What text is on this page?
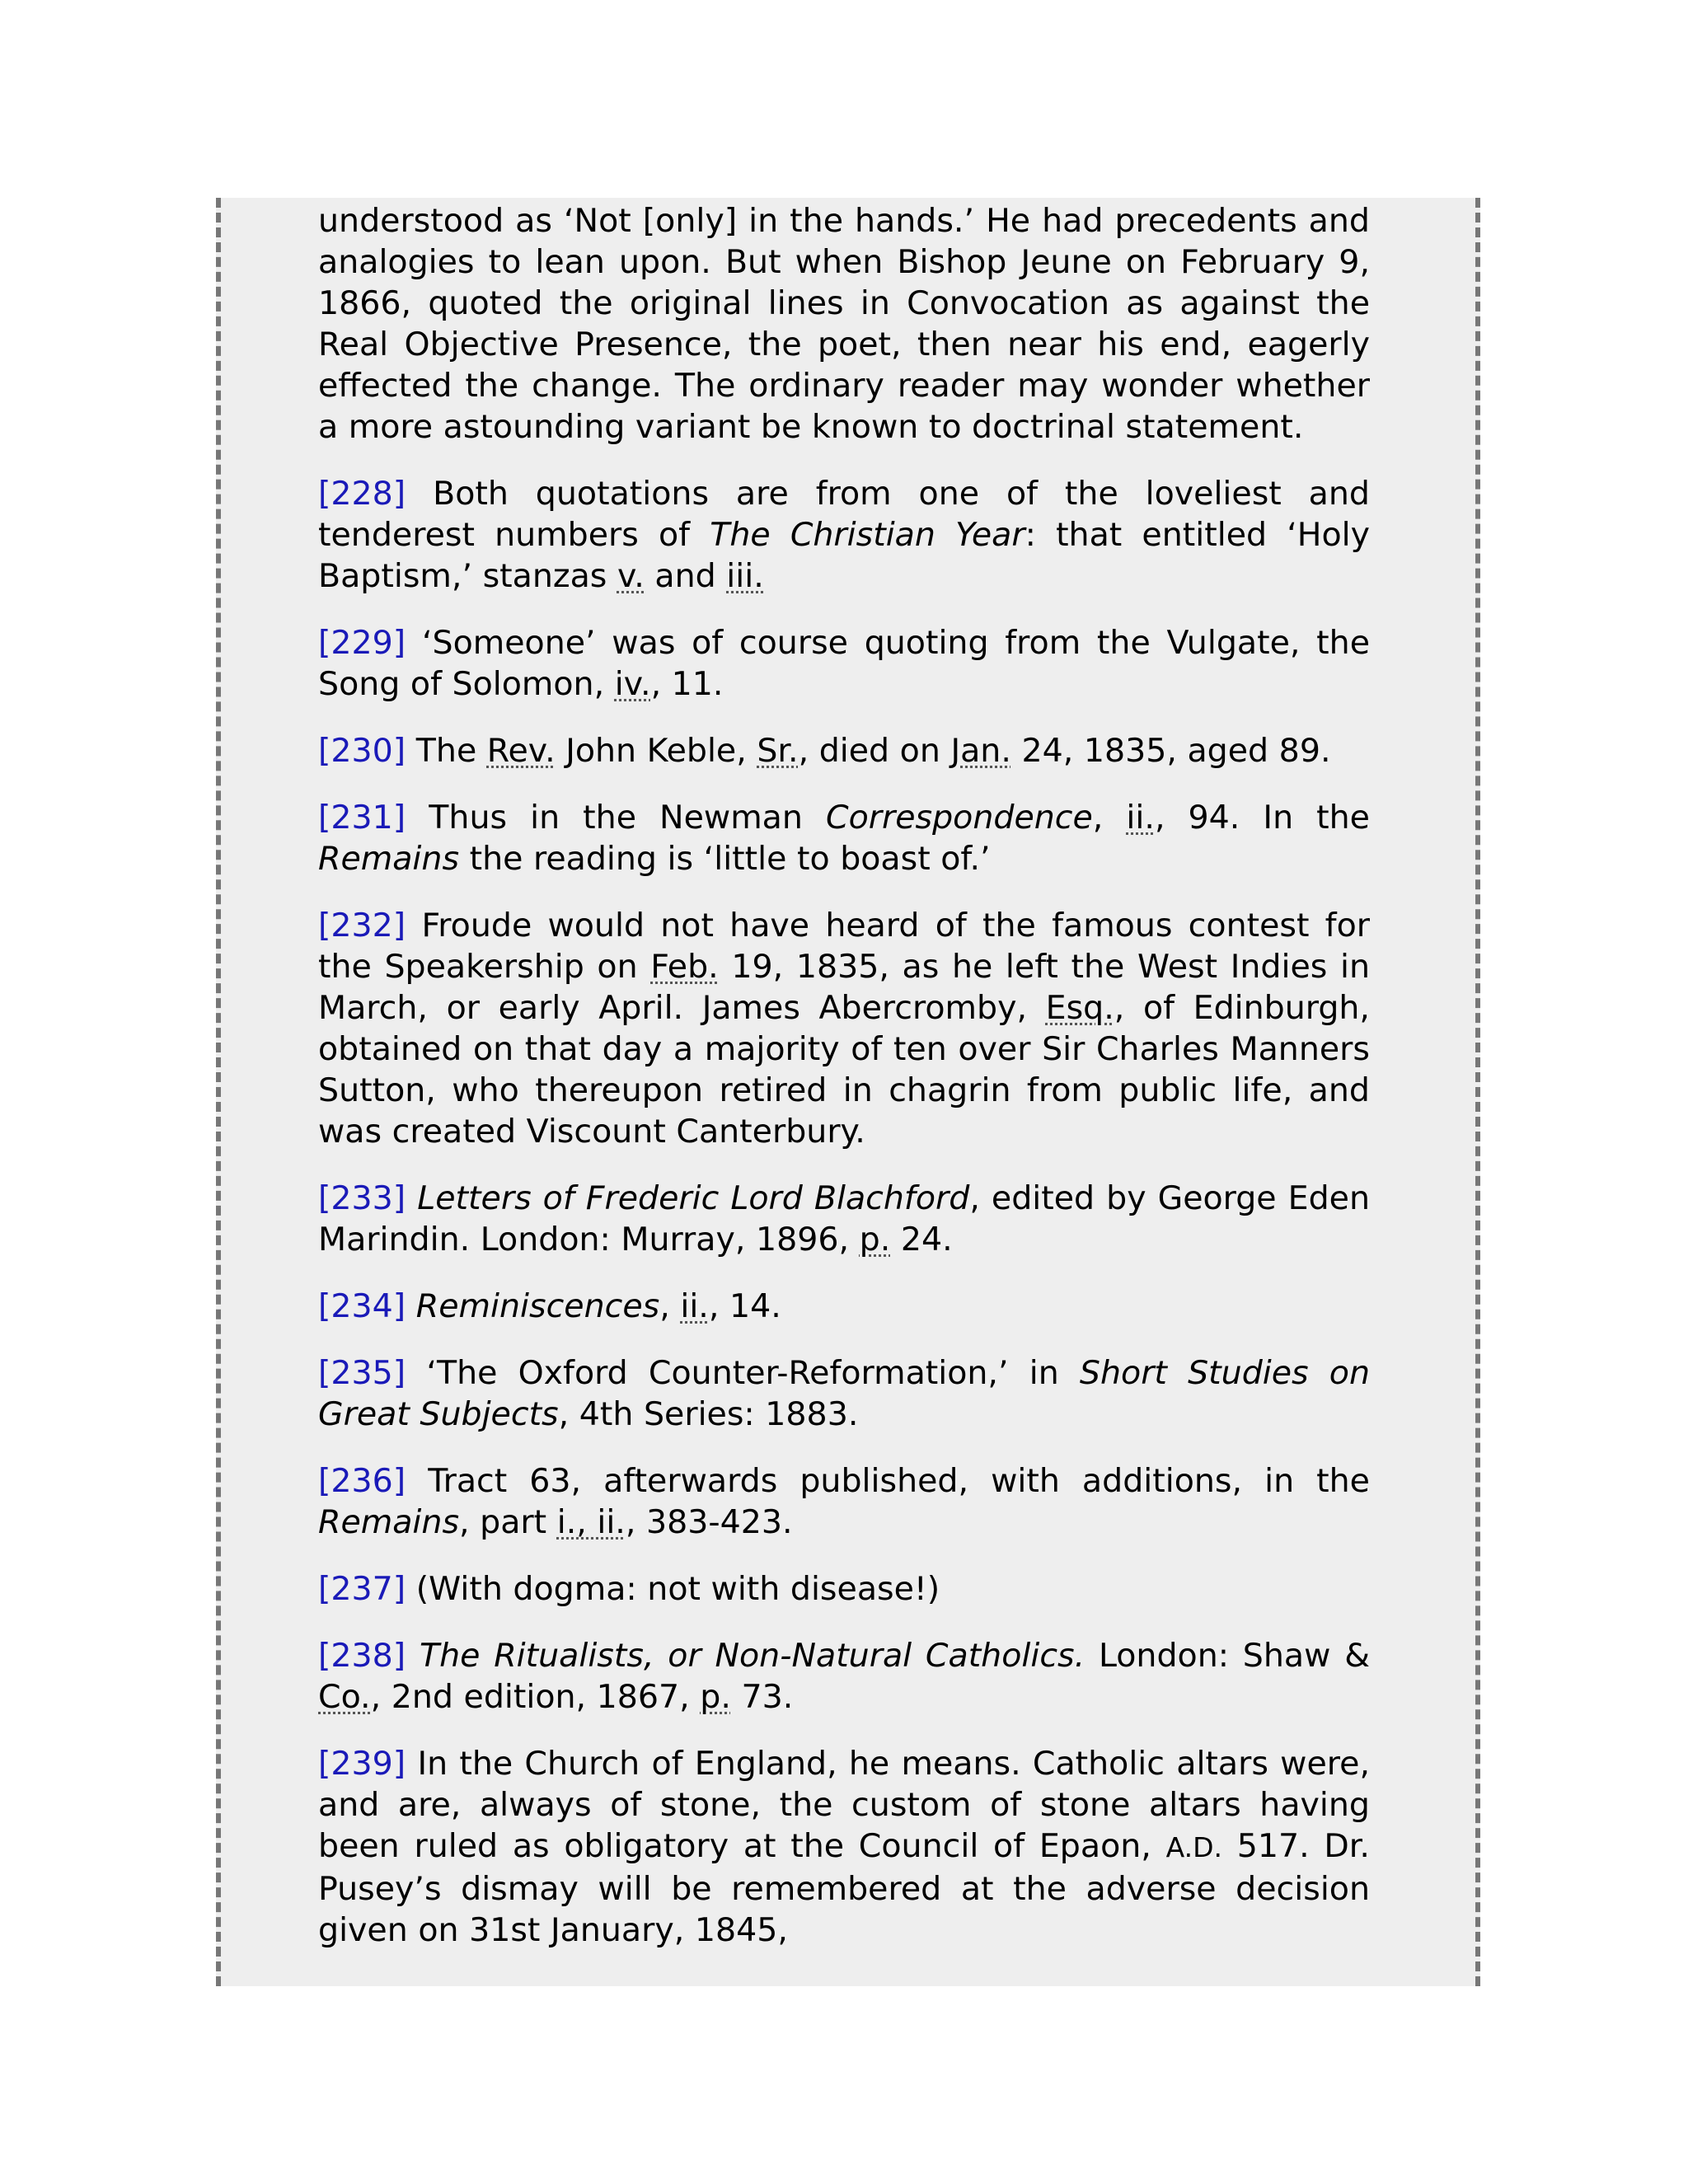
understood as ‘Not [only] in the hands.’ He had precedents and analogies to lean upon. But when Bishop Jeune on February 9, 1866, quoted the original lines in Convocation as against the Real Objective Presence, the poet, then near his end, eagerly effected the change. The ordinary reader may wonder whether a more astounding variant be known to doctrinal statement.

[228] Both quotations are from one of the loveliest and tenderest numbers of The Christian Year: that entitled ‘Holy Baptism,’ stanzas v. and iii.

[229] ‘Someone’ was of course quoting from the Vulgate, the Song of Solomon, iv., 11.

[230] The Rev. John Keble, Sr., died on Jan. 24, 1835, aged 89.

[231] Thus in the Newman Correspondence, ii., 94. In the Remains the reading is ‘little to boast of.’

[232] Froude would not have heard of the famous contest for the Speakership on Feb. 19, 1835, as he left the West Indies in March, or early April. James Abercromby, Esq., of Edinburgh, obtained on that day a majority of ten over Sir Charles Manners Sutton, who thereupon retired in chagrin from public life, and was created Viscount Canterbury.

[233] Letters of Frederic Lord Blachford, edited by George Eden Marindin. London: Murray, 1896, p. 24.

[234] Reminiscences, ii., 14.

[235] ‘The Oxford Counter-Reformation,’ in Short Studies on Great Subjects, 4th Series: 1883.

[236] Tract 63, afterwards published, with additions, in the Remains, part i., ii., 383-423.

[237] (With dogma: not with disease!)

[238] The Ritualists, or Non-Natural Catholics. London: Shaw & Co., 2nd edition, 1867, p. 73.

[239] In the Church of England, he means. Catholic altars were, and are, always of stone, the custom of stone altars having been ruled as obligatory at the Council of Epaon, A.D. 517. Dr. Pusey’s dismay will be remembered at the adverse decision given on 31st January, 1845,
